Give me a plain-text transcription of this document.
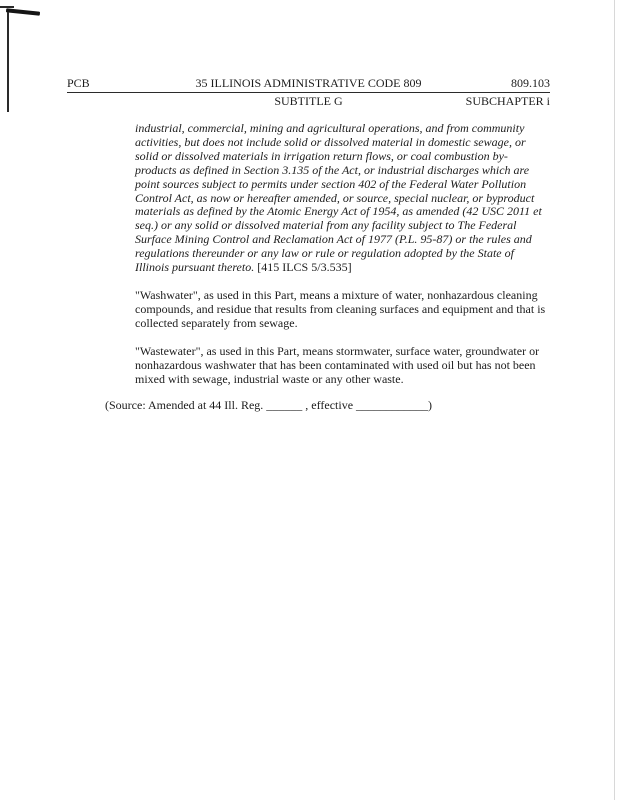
PCB	35 ILLINOIS ADMINISTRATIVE CODE 809	809.103
SUBTITLE G	SUBCHAPTER i

industrial, commercial, mining and agricultural operations, and from community activities, but does not include solid or dissolved material in domestic sewage, or solid or dissolved materials in irrigation return flows, or coal combustion by-products as defined in Section 3.135 of the Act, or industrial discharges which are point sources subject to permits under section 402 of the Federal Water Pollution Control Act, as now or hereafter amended, or source, special nuclear, or byproduct materials as defined by the Atomic Energy Act of 1954, as amended (42 USC 2011 et seq.) or any solid or dissolved material from any facility subject to The Federal Surface Mining Control and Reclamation Act of 1977 (P.L. 95-87) or the rules and regulations thereunder or any law or rule or regulation adopted by the State of Illinois pursuant thereto. [415 ILCS 5/3.535]

"Washwater", as used in this Part, means a mixture of water, nonhazardous cleaning compounds, and residue that results from cleaning surfaces and equipment and that is collected separately from sewage.

"Wastewater", as used in this Part, means stormwater, surface water, groundwater or nonhazardous washwater that has been contaminated with used oil but has not been mixed with sewage, industrial waste or any other waste.

(Source: Amended at 44 Ill. Reg. ______ , effective ____________)
